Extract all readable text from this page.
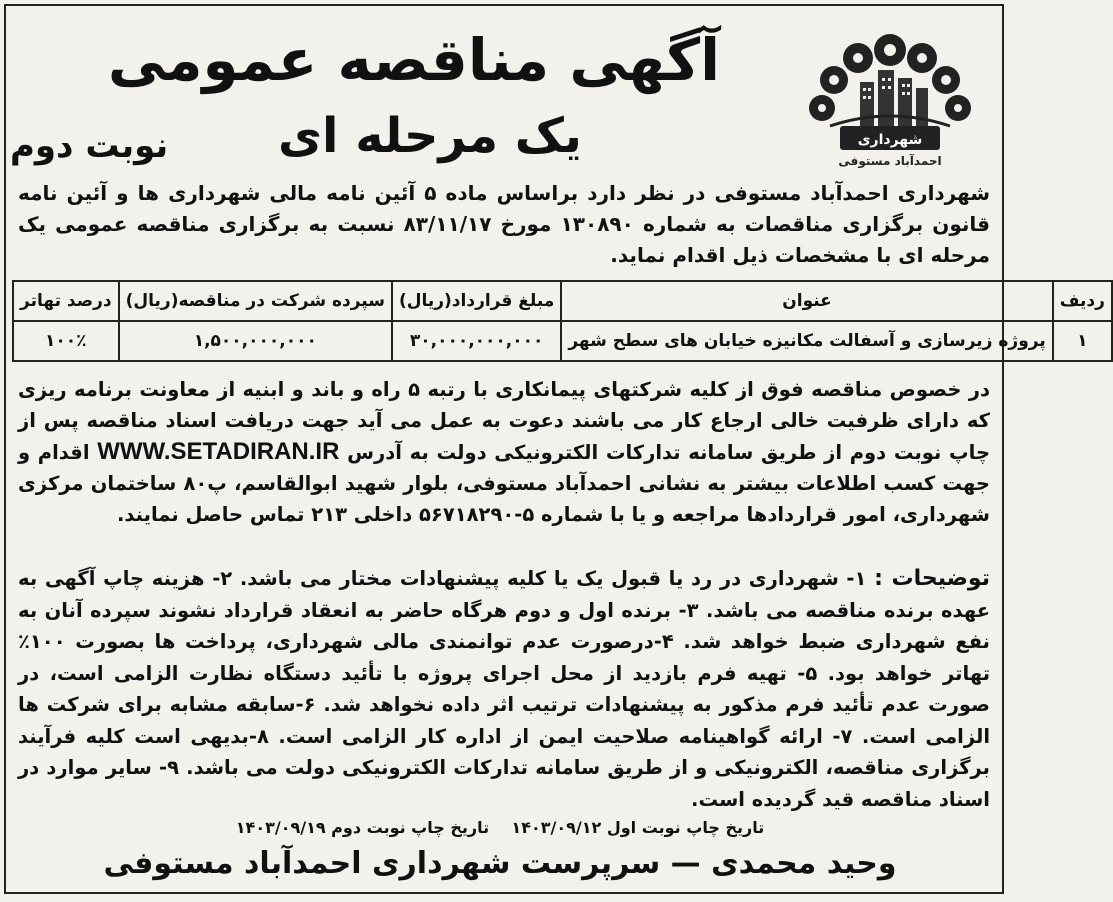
شهرداری
احمدآباد مستوفی
نوبت دوم
آگهی مناقصه عمومی
یک مرحله ای
شهرداری احمدآباد مستوفی در نظر دارد براساس ماده ۵ آئین نامه مالی شهرداری ها و آئین نامه قانون برگزاری مناقصات به شماره ۱۳۰۸۹۰ مورخ ۸۳/۱۱/۱۷ نسبت به برگزاری مناقصه عمومی یک مرحله ای با مشخصات ذیل اقدام نماید.
ردیف	عنوان	مبلغ قرارداد(ریال)	سپرده شرکت در مناقصه(ریال)	درصد تهاتر
۱	پروژه زیرسازی و آسفالت مکانیزه خیابان های سطح شهر	۳۰,۰۰۰,۰۰۰,۰۰۰	۱,۵۰۰,۰۰۰,۰۰۰	۱۰۰٪
در خصوص مناقصه فوق از کلیه شرکتهای پیمانکاری با رتبه ۵ راه و باند و ابنیه از معاونت برنامه ریزی که دارای ظرفیت خالی ارجاع کار می باشند دعوت به عمل می آید جهت دریافت اسناد مناقصه پس از چاپ نوبت دوم از طریق سامانه تدارکات الکترونیکی دولت به آدرس WWW.SETADIRAN.IR اقدام و جهت کسب اطلاعات بیشتر به نشانی احمدآباد مستوفی، بلوار شهید ابوالقاسم، پ۸۰ ساختمان مرکزی شهرداری، امور قراردادها مراجعه و یا با شماره ۵-۵۶۷۱۸۲۹۰ داخلی ۲۱۳ تماس حاصل نمایند.
توضیحات : ۱- شهرداری در رد یا قبول یک یا کلیه پیشنهادات مختار می باشد. ۲- هزینه چاپ آگهی به عهده برنده مناقصه می باشد. ۳- برنده اول و دوم هرگاه حاضر به انعقاد قرارداد نشوند سپرده آنان به نفع شهرداری ضبط خواهد شد. ۴-درصورت عدم توانمندی مالی شهرداری، پرداخت ها بصورت ۱۰۰٪ تهاتر خواهد بود. ۵- تهیه فرم بازدید از محل اجرای پروژه با تأئید دستگاه نظارت الزامی است، در صورت عدم تأئید فرم مذکور به پیشنهادات ترتیب اثر داده نخواهد شد. ۶-سابقه مشابه برای شرکت ها الزامی است. ۷- ارائه گواهینامه صلاحیت ایمن از اداره کار الزامی است. ۸-بدیهی است کلیه فرآیند برگزاری مناقصه، الکترونیکی و از طریق سامانه تدارکات الکترونیکی دولت می باشد. ۹- سایر موارد در اسناد مناقصه قید گردیده است.
تاریخ چاپ نوبت اول ۱۴۰۳/۰۹/۱۲    تاریخ چاپ نوبت دوم ۱۴۰۳/۰۹/۱۹
وحید محمدی — سرپرست شهرداری احمدآباد مستوفی
